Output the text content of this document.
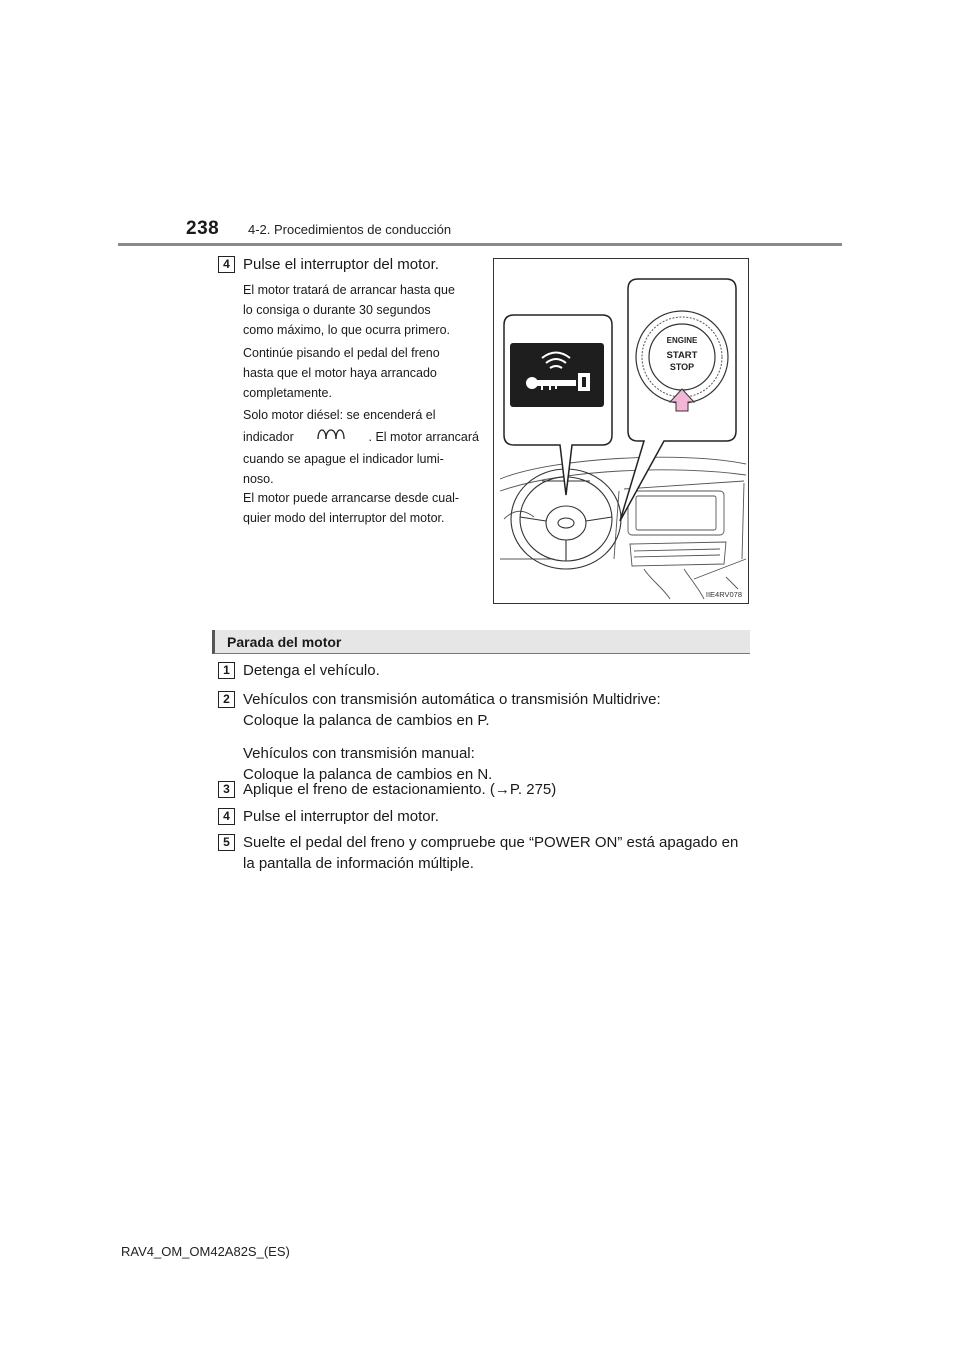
238 4-2. Procedimientos de conducción
4 Pulse el interruptor del motor.
El motor tratará de arrancar hasta que
lo consiga o durante 30 segundos
como máximo, lo que ocurra primero.
Continúe pisando el pedal del freno
hasta que el motor haya arrancado
completamente.
Solo motor diésel: se encenderá el
indicador	. El motor arrancará
cuando se apague el indicador lumi-
noso.
El motor puede arrancarse desde cual-
quier modo del interruptor del motor.
ENGINE
START
STOP
IIE4RV078
Parada del motor
1 Detenga el vehículo.
2 Vehículos con transmisión automática o transmisión Multidrive:
Coloque la palanca de cambios en P.
Vehículos con transmisión manual:
Coloque la palanca de cambios en N.
3 Aplique el freno de estacionamiento. (→P. 275)
4 Pulse el interruptor del motor.
5 Suelte el pedal del freno y compruebe que “POWER ON” está apagado en
la pantalla de información múltiple.
RAV4_OM_OM42A82S_(ES)
